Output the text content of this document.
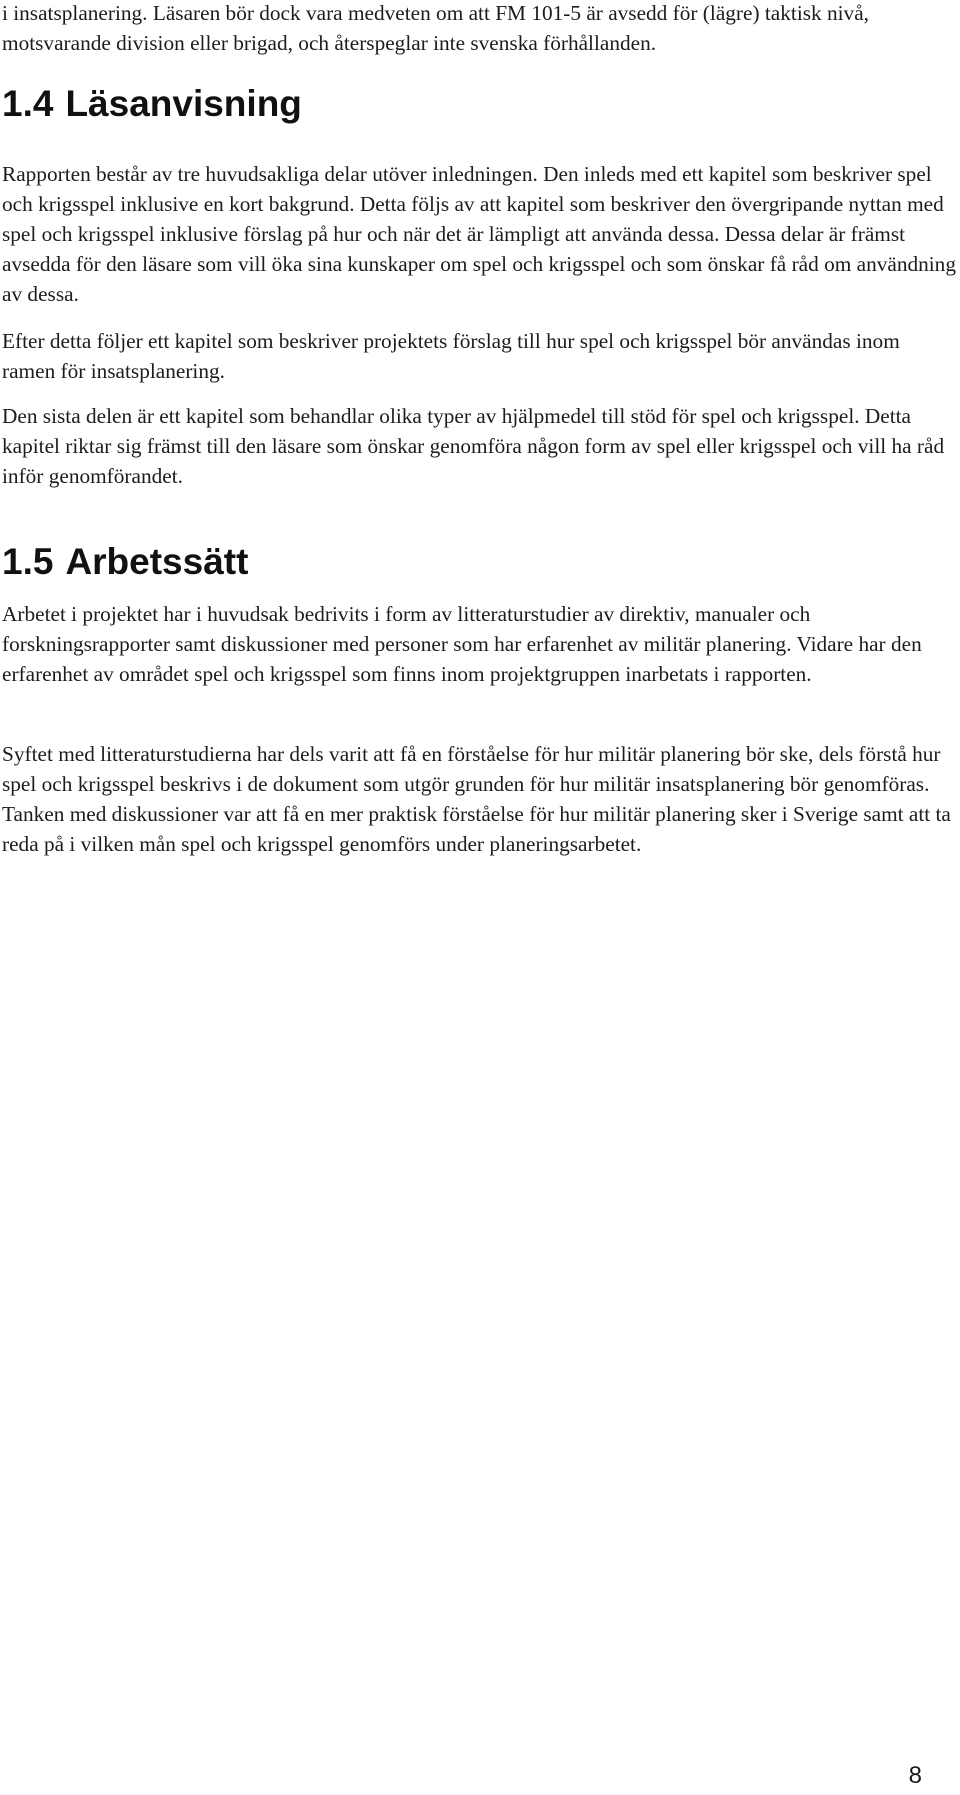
i insatsplanering. Läsaren bör dock vara medveten om att FM 101-5 är avsedd för (lägre) taktisk nivå, motsvarande division eller brigad, och återspeglar inte svenska förhållanden.

1.4 Läsanvisning

Rapporten består av tre huvudsakliga delar utöver inledningen. Den inleds med ett kapitel som beskriver spel och krigsspel inklusive en kort bakgrund. Detta följs av att kapitel som beskriver den övergripande nyttan med spel och krigsspel inklusive förslag på hur och när det är lämpligt att använda dessa. Dessa delar är främst avsedda för den läsare som vill öka sina kunskaper om spel och krigsspel och som önskar få råd om användning av dessa.

Efter detta följer ett kapitel som beskriver projektets förslag till hur spel och krigsspel bör användas inom ramen för insatsplanering.

Den sista delen är ett kapitel som behandlar olika typer av hjälpmedel till stöd för spel och krigsspel. Detta kapitel riktar sig främst till den läsare som önskar genomföra någon form av spel eller krigsspel och vill ha råd inför genomförandet.

1.5 Arbetssätt

Arbetet i projektet har i huvudsak bedrivits i form av litteraturstudier av direktiv, manualer och forskningsrapporter samt diskussioner med personer som har erfarenhet av militär planering. Vidare har den erfarenhet av området spel och krigsspel som finns inom projektgruppen inarbetats i rapporten.

Syftet med litteraturstudierna har dels varit att få en förståelse för hur militär planering bör ske, dels förstå hur spel och krigsspel beskrivs i de dokument som utgör grunden för hur militär insatsplanering bör genomföras. Tanken med diskussioner var att få en mer praktisk förståelse för hur militär planering sker i Sverige samt att ta reda på i vilken mån spel och krigsspel genomförs under planeringsarbetet.

8
